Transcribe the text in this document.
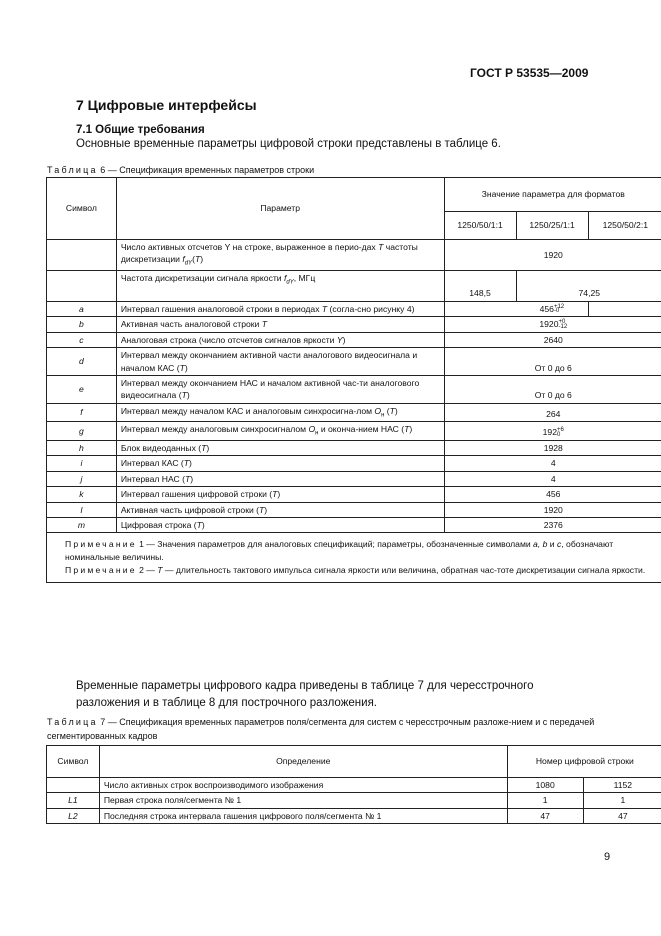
ГОСТ Р 53535—2009
7 Цифровые интерфейсы
7.1 Общие требования
Основные временные параметры цифровой строки представлены в таблице 6.
Таблица 6 — Спецификация временных параметров строки
Символ	Параметр	Значение параметра для форматов		
		1250/50/1:1	1250/25/1:1	1250/50/2:1
	Число активных отсчетов Y на строке, выраженное в перио-дах T частоты дискретизации $f_{dY}(T)$	1920		
	Частота дискретизации сигнала яркости $f_{dY}$, МГц	148,5	74,25	
a	Интервал гашения аналоговой строки в периодах T (согла-сно рисунку 4)		456+12
-0	
b	Активная часть аналоговой строки T	1920+0
-12		
c	Аналоговая строка (число отсчетов сигналов яркости Y)	2640		
d	Интервал между окончанием активной части аналогового видеосигнала и началом КАС (T)	От 0 до 6		
e	Интервал между окончанием НАС и началом активной час-ти аналогового видеосигнала (T)	От 0 до 6		
f	Интервал между началом КАС и аналоговым синхросигна-лом $O_н$ (T)	264		
g	Интервал между аналоговым синхросигналом $O_н$ и оконча-нием НАС (T)	192+6
0		
h	Блок видеоданных (T)	1928		
i	Интервал КАС (T)	4		
j	Интервал НАС (T)	4		
k	Интервал гашения цифровой строки (T)	456		
l	Активная часть цифровой строки (T)	1920		
m	Цифровая строка (T)	2376		

Примечание 1 — Значения параметров для аналоговых спецификаций; параметры, обозначенные символами a, b и c, обозначают номинальные величины.
Примечание 2 — T — длительность тактового импульса сигнала яркости или величина, обратная час-тоте дискретизации сигнала яркости.				
Временные параметры цифрового кадра приведены в таблице 7 для чересстрочного разложения и в таблице 8 для построчного разложения.
Таблица 7 — Спецификация временных параметров поля/сегмента для систем с чересстрочным разложе-нием и с передачей сегментированных кадров
Символ	Определение	Номер цифровой строки	
	Число активных строк воспроизводимого изображения	1080	1152
L1	Первая строка поля/сегмента № 1	1	1
L2	Последняя строка интервала гашения цифрового поля/сегмента № 1	47	47
9
